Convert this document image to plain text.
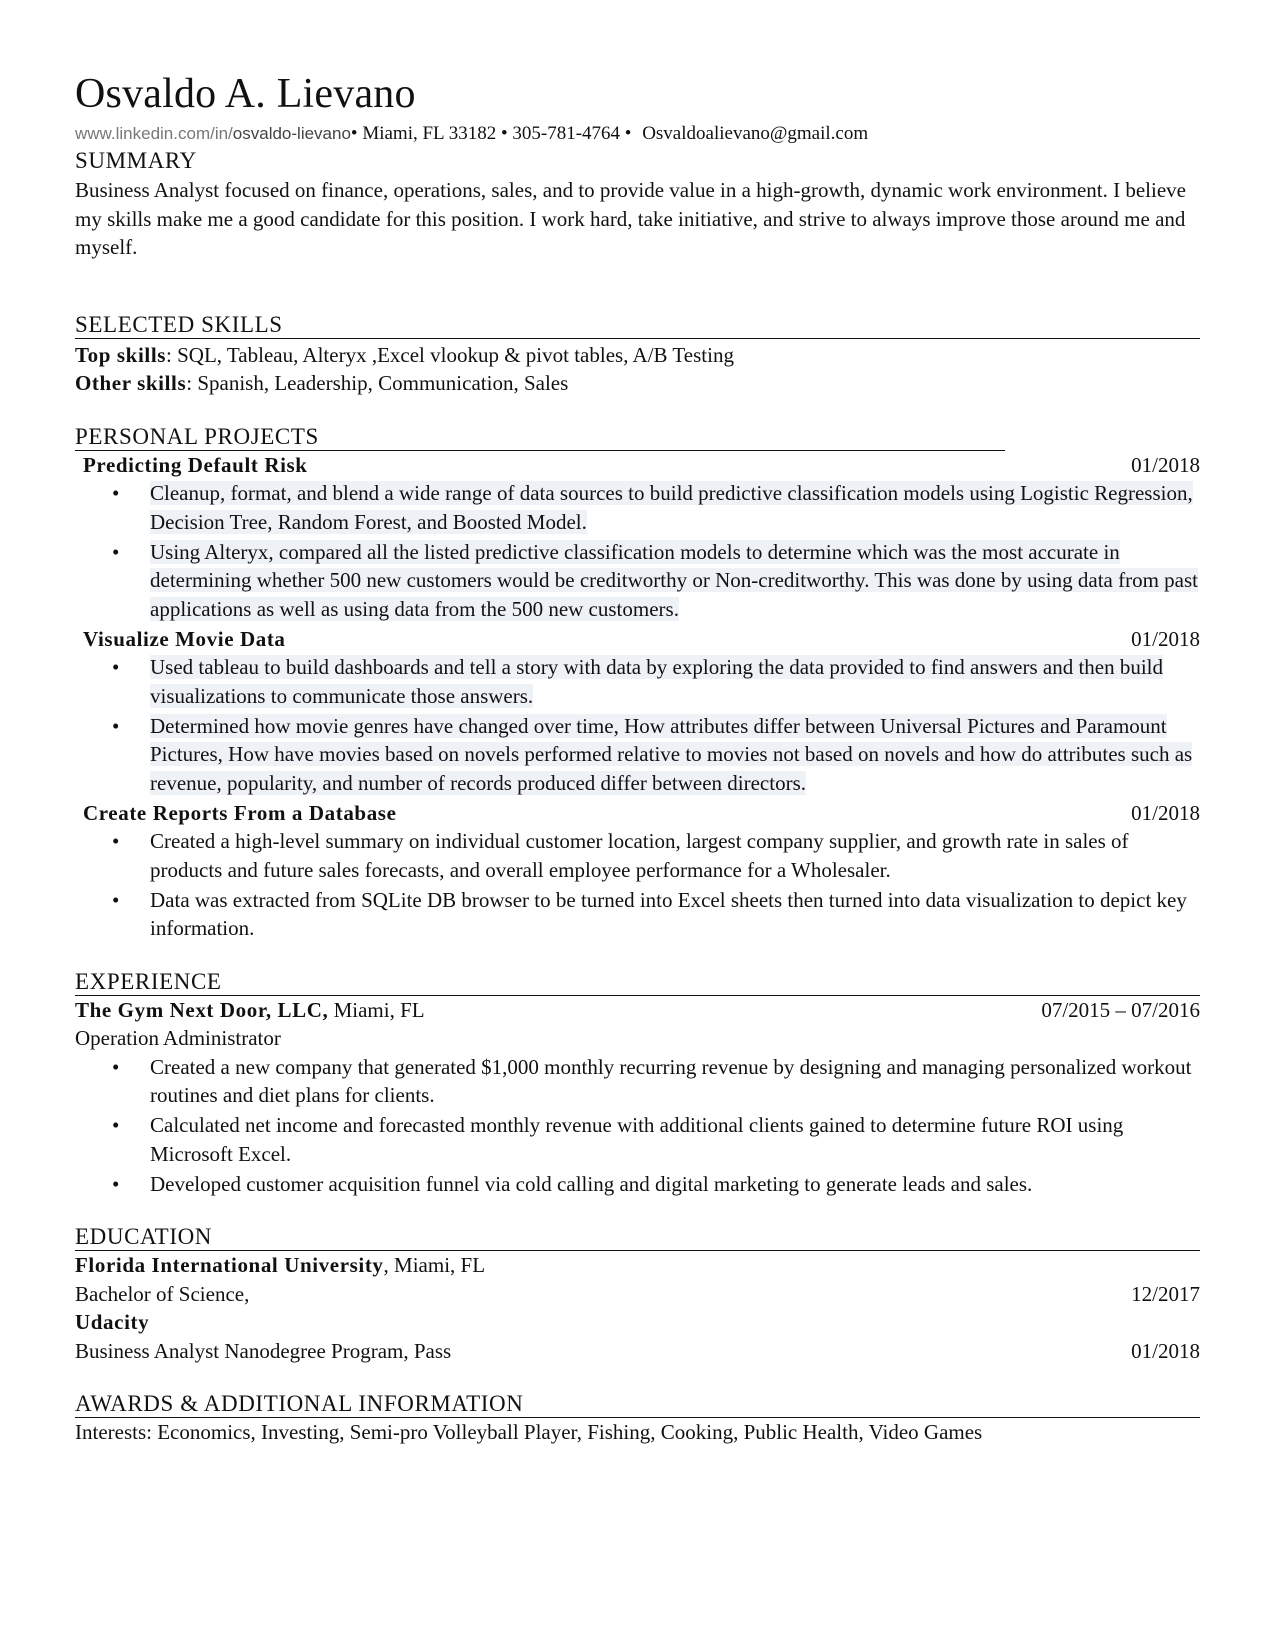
Osvaldo A. Lievano
www.linkedin.com/in/osvaldo-lievano• Miami, FL 33182 • 305-781-4764 • Osvaldoalievano@gmail.com
SUMMARY
Business Analyst focused on finance, operations, sales, and to provide value in a high-growth, dynamic work environment. I believe my skills make me a good candidate for this position. I work hard, take initiative, and strive to always improve those around me and myself.
SELECTED SKILLS
Top skills: SQL, Tableau, Alteryx ,Excel vlookup & pivot tables, A/B Testing
Other skills: Spanish, Leadership, Communication, Sales
PERSONAL PROJECTS
Predicting Default Risk	01/2018
• Cleanup, format, and blend a wide range of data sources to build predictive classification models using Logistic Regression, Decision Tree, Random Forest, and Boosted Model.
• Using Alteryx, compared all the listed predictive classification models to determine which was the most accurate in determining whether 500 new customers would be creditworthy or Non-creditworthy. This was done by using data from past applications as well as using data from the 500 new customers.
Visualize Movie Data	01/2018
• Used tableau to build dashboards and tell a story with data by exploring the data provided to find answers and then build visualizations to communicate those answers.
• Determined how movie genres have changed over time, How attributes differ between Universal Pictures and Paramount Pictures, How have movies based on novels performed relative to movies not based on novels and how do attributes such as revenue, popularity, and number of records produced differ between directors.
Create Reports From a Database	01/2018
• Created a high-level summary on individual customer location, largest company supplier, and growth rate in sales of products and future sales forecasts, and overall employee performance for a Wholesaler.
• Data was extracted from SQLite DB browser to be turned into Excel sheets then turned into data visualization to depict key information.
EXPERIENCE
The Gym Next Door, LLC, Miami, FL	07/2015 – 07/2016
Operation Administrator
• Created a new company that generated $1,000 monthly recurring revenue by designing and managing personalized workout routines and diet plans for clients.
• Calculated net income and forecasted monthly revenue with additional clients gained to determine future ROI using Microsoft Excel.
• Developed customer acquisition funnel via cold calling and digital marketing to generate leads and sales.
EDUCATION
Florida International University, Miami, FL
Bachelor of Science,	12/2017
Udacity
Business Analyst Nanodegree Program, Pass	01/2018
AWARDS & ADDITIONAL INFORMATION
Interests: Economics, Investing, Semi-pro Volleyball Player, Fishing, Cooking, Public Health, Video Games
